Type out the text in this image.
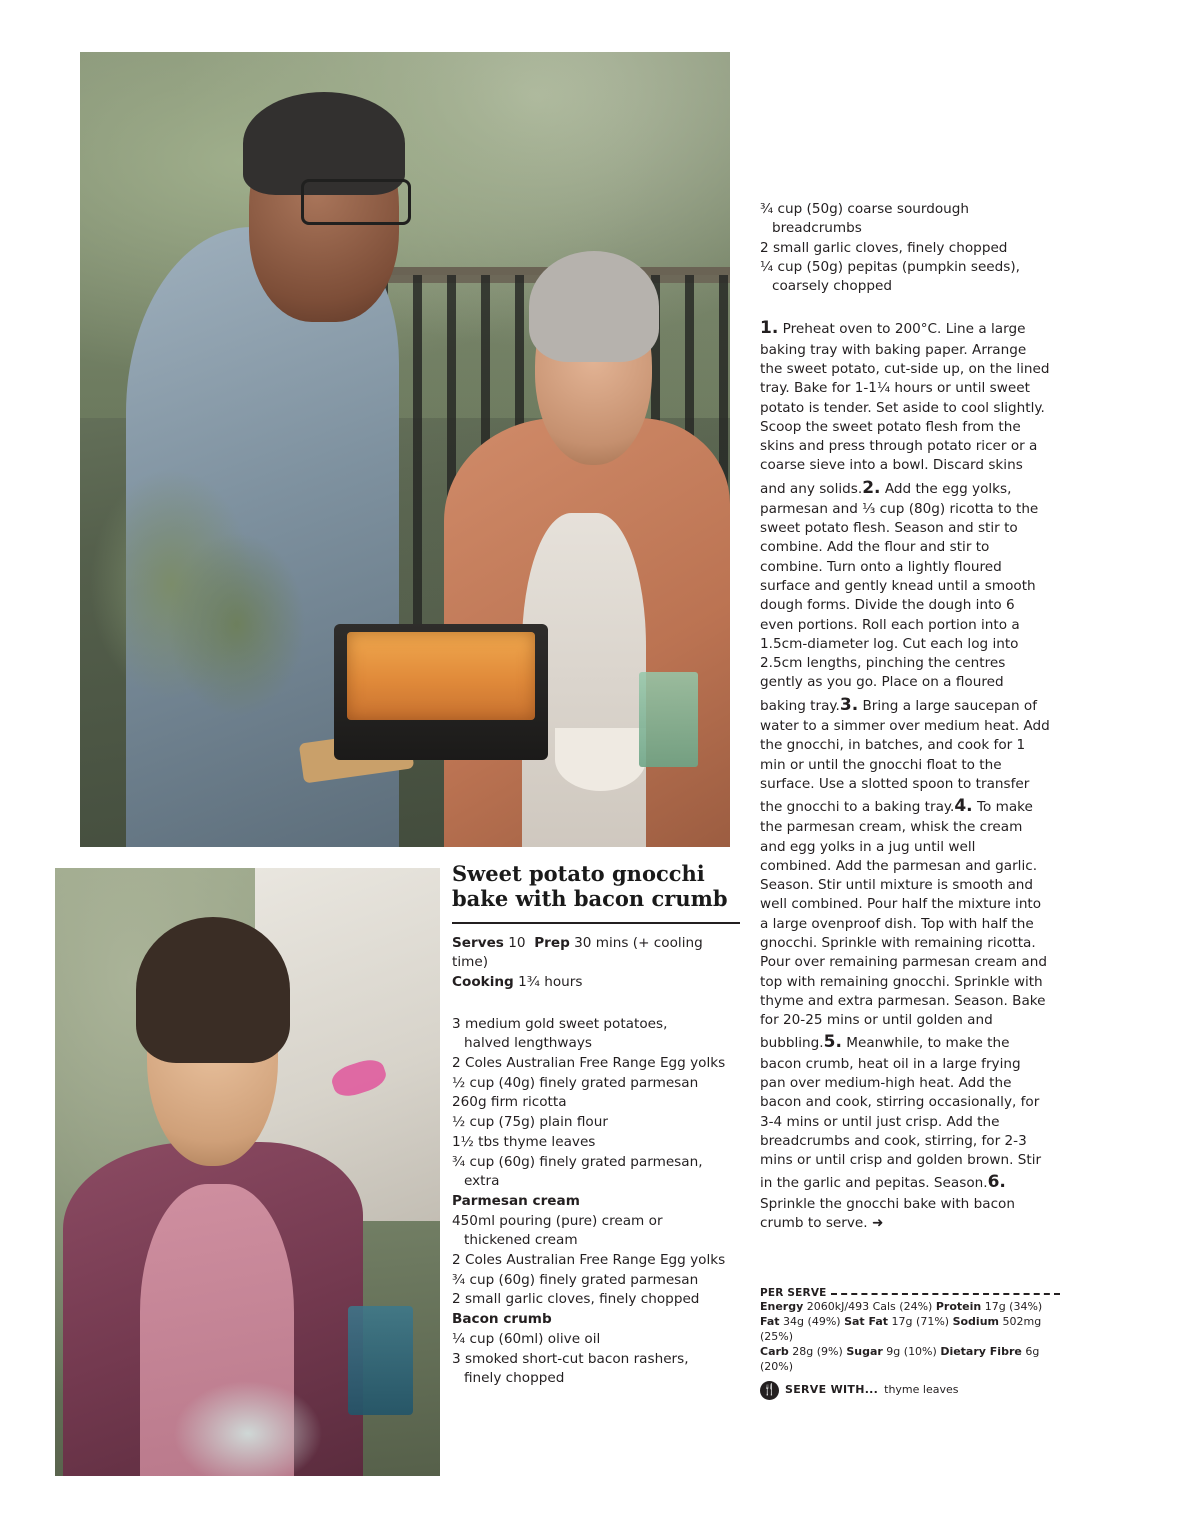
Sweet potato gnocchi bake with bacon crumb
Serves 10 Prep 30 mins (+ cooling time)
Cooking 1¾ hours
3 medium gold sweet potatoes,
halved lengthways
2 Coles Australian Free Range Egg yolks
½ cup (40g) finely grated parmesan
260g firm ricotta
½ cup (75g) plain flour
1½ tbs thyme leaves
¾ cup (60g) finely grated parmesan,
extra
Parmesan cream
450ml pouring (pure) cream or
thickened cream
2 Coles Australian Free Range Egg yolks
¾ cup (60g) finely grated parmesan
2 small garlic cloves, finely chopped
Bacon crumb
¼ cup (60ml) olive oil
3 smoked short-cut bacon rashers,
finely chopped
¾ cup (50g) coarse sourdough
breadcrumbs
2 small garlic cloves, finely chopped
¼ cup (50g) pepitas (pumpkin seeds),
coarsely chopped

1. Preheat oven to 200°C. Line a large baking tray with baking paper. Arrange the sweet potato, cut-side up, on the lined tray. Bake for 1-1¼ hours or until sweet potato is tender. Set aside to cool slightly. Scoop the sweet potato flesh from the skins and press through potato ricer or a coarse sieve into a bowl. Discard skins and any solids.2. Add the egg yolks, parmesan and ⅓ cup (80g) ricotta to the sweet potato flesh. Season and stir to combine. Add the flour and stir to combine. Turn onto a lightly floured surface and gently knead until a smooth dough forms. Divide the dough into 6 even portions. Roll each portion into a 1.5cm-diameter log. Cut each log into 2.5cm lengths, pinching the centres gently as you go. Place on a floured baking tray.3. Bring a large saucepan of water to a simmer over medium heat. Add the gnocchi, in batches, and cook for 1 min or until the gnocchi float to the surface. Use a slotted spoon to transfer the gnocchi to a baking tray.4. To make the parmesan cream, whisk the cream and egg yolks in a jug until well combined. Add the parmesan and garlic. Season. Stir until mixture is smooth and well combined. Pour half the mixture into a large ovenproof dish. Top with half the gnocchi. Sprinkle with remaining ricotta. Pour over remaining parmesan cream and top with remaining gnocchi. Sprinkle with thyme and extra parmesan. Season. Bake for 20-25 mins or until golden and bubbling.5. Meanwhile, to make the bacon crumb, heat oil in a large frying pan over medium-high heat. Add the bacon and cook, stirring occasionally, for 3-4 mins or until just crisp. Add the breadcrumbs and cook, stirring, for 2-3 mins or until crisp and golden brown. Stir in the garlic and pepitas. Season.6. Sprinkle the gnocchi bake with bacon crumb to serve. ➜

PER SERVE
Energy 2060kJ/493 Cals (24%) Protein 17g (34%)
Fat 34g (49%) Sat Fat 17g (71%) Sodium 502mg (25%)
Carb 28g (9%) Sugar 9g (10%) Dietary Fibre 6g (20%)
🍴 SERVE WITH... thyme leaves
